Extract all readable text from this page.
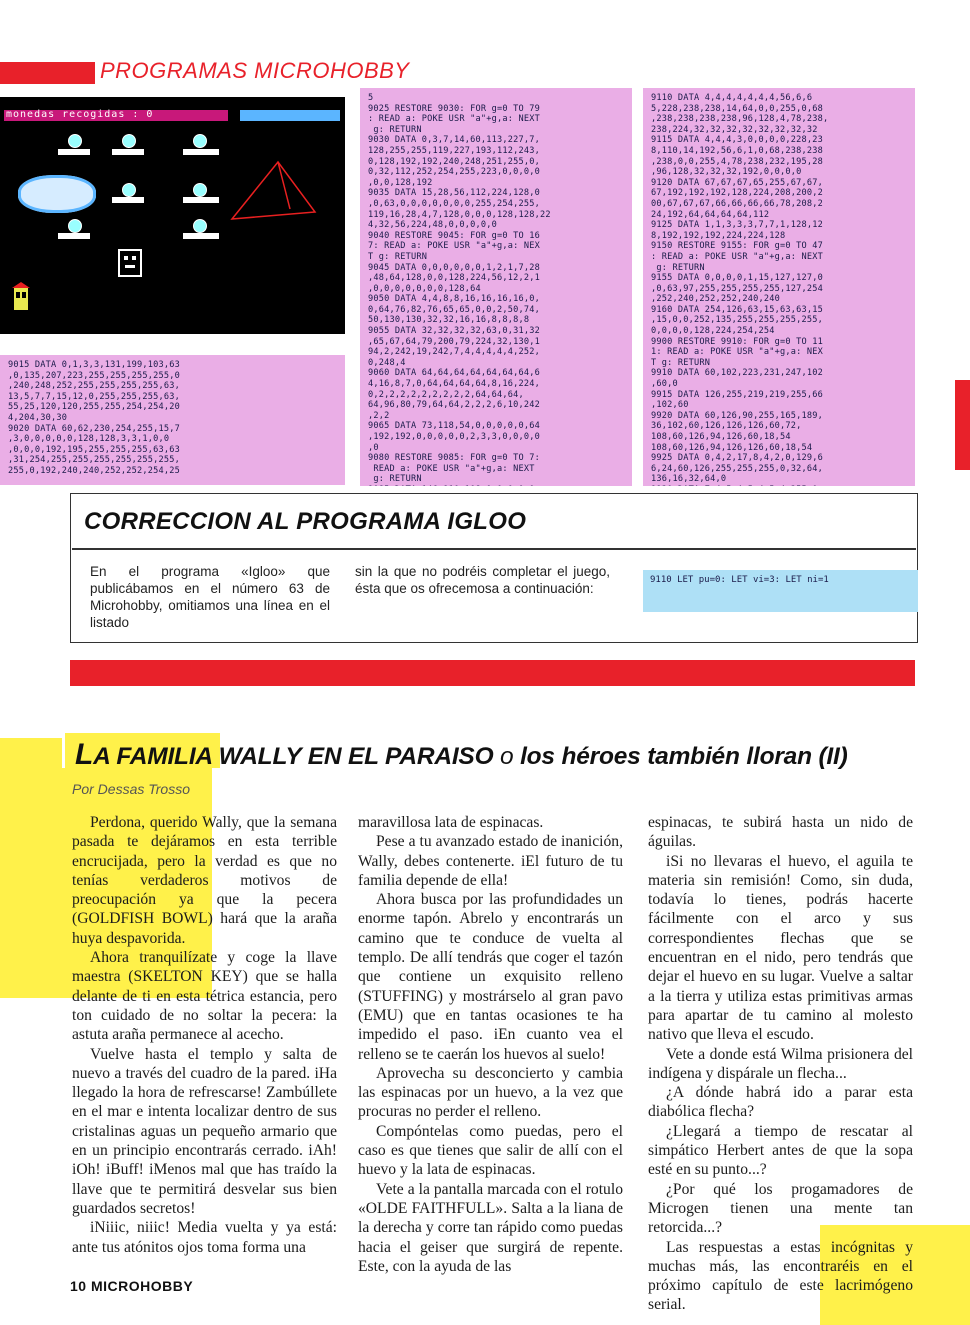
PROGRAMAS MICROHOBBY
monedas recogidas : 0
9015 DATA 0,1,3,3,131,199,103,63
,0,135,207,223,255,255,255,255,0
,240,248,252,255,255,255,255,63,
13,5,7,7,15,12,0,255,255,255,63,
55,25,120,120,255,255,254,254,20
4,204,30,30
9020 DATA 60,62,230,254,255,15,7
,3,0,0,0,0,0,128,128,3,3,1,0,0
,0,0,0,192,195,255,255,255,63,63
,31,254,255,255,255,255,255,255,
255,0,192,240,240,252,252,254,25
5
9025 RESTORE 9030: FOR g=0 TO 79
: READ a: POKE USR "a"+g,a: NEXT
g: RETURN
9030 DATA 0,3,7,14,60,113,227,7,
128,255,255,119,227,193,112,243,
0,128,192,192,240,248,251,255,0,
0,32,112,252,254,255,223,0,0,0,0
,0,0,128,192
9035 DATA 15,28,56,112,224,128,0
,0,63,0,0,0,0,0,0,0,255,254,255,
119,16,28,4,7,128,0,0,0,128,128,22
4,32,56,224,48,0,0,0,0,0
9040 RESTORE 9045: FOR g=0 TO 16
7: READ a: POKE USR "a"+g,a: NEX
T g: RETURN
9045 DATA 0,0,0,0,0,0,1,2,1,7,28
,48,64,128,0,0,128,224,56,12,2,1
,0,0,0,0,0,0,0,128,64
9050 DATA 4,4,8,8,16,16,16,16,0,
0,64,76,82,76,65,65,0,0,2,50,74,
50,130,130,32,32,16,16,8,8,8,8
9055 DATA 32,32,32,32,63,0,31,32
,65,67,64,79,200,79,224,32,130,1
94,2,242,19,242,7,4,4,4,4,4,252,
0,248,4
9060 DATA 64,64,64,64,64,64,64,6
4,16,8,7,0,64,64,64,64,8,16,224,
0,2,2,2,2,2,2,2,2,2,64,64,64,
64,96,80,79,64,64,2,2,2,6,10,242
,2,2
9065 DATA 73,118,54,0,0,0,0,0,64
,192,192,0,0,0,0,0,2,3,3,0,0,0,0
,0
9080 RESTORE 9085: FOR g=0 TO 7:
READ a: POKE USR "a"+g,a: NEXT
g: RETURN

9110 DATA 4,4,4,4,4,4,4,56,6,6
5,228,238,238,14,64,0,0,255,0,68
,238,238,238,238,96,128,4,78,238,
238,224,32,32,32,32,32,32,32,32
9115 DATA 4,4,4,3,0,0,0,0,228,23
8,110,14,192,56,6,1,0,68,238,238
,238,0,0,255,4,78,238,232,195,28
,96,128,32,32,32,192,0,0,0,0
9120 DATA 67,67,67,65,255,67,67,
67,192,192,192,128,224,208,200,2
00,67,67,67,66,66,66,66,78,208,2
24,192,64,64,64,64,112
9125 DATA 1,1,3,3,3,7,7,1,128,12
8,192,192,192,224,224,128
9150 RESTORE 9155: FOR g=0 TO 47
: READ a: POKE USR "a"+g,a: NEXT
g: RETURN
9155 DATA 0,0,0,0,1,15,127,127,0
,0,63,97,255,255,255,255,127,254
,252,240,252,252,240,240
9160 DATA 254,126,63,15,63,63,15
,15,0,0,252,135,255,255,255,255,
0,0,0,0,128,224,254,254
9900 RESTORE 9910: FOR g=0 TO 11
1: READ a: POKE USR "a"+g,a: NEX
T g: RETURN
9910 DATA 60,102,223,231,247,102
,60,0
9915 DATA 126,255,219,219,255,66
,102,60
9920 DATA 60,126,90,255,165,189,
36,102,60,126,126,126,60,72,
108,60,126,94,126,60,18,54
108,60,126,94,126,126,60,18,54
9925 DATA 0,4,2,17,8,4,2,0,129,6
6,24,60,126,255,255,255,0,32,64,
136,16,32,64,0

CORRECCION AL PROGRAMA IGLOO
En el programa «Igloo» que publicábamos en el número 63 de Microhobby, omitiamos una línea en el listado
sin la que no podréis completar el juego, ésta que os ofrecemosa a continuación:
9110 LET pu=0: LET vi=3: LET ni=1
LA FAMILIA WALLY EN EL PARAISO o los héroes también lloran (II)
Por Dessas Trosso

Perdona, querido Wally, que la semana pasada te dejáramos en esta terrible encrucijada, pero la verdad es que no tenías verdaderos motivos de preocupación ya que la pecera (GOLDFISH BOWL) hará que la araña huya despavorida.

Ahora tranquilízate y coge la llave maestra (SKELTON KEY) que se halla delante de ti en esta tétrica estancia, pero ton cuidado de no soltar la pecera: la astuta araña permanece al acecho.

Vuelve hasta el templo y salta de nuevo a través del cuadro de la pared. iHa llegado la hora de refrescarse! Zambúllete en el mar e intenta localizar dentro de sus cristalinas aguas un pequeño armario que en un principio encontrarás cerrado. iAh! iOh! iBuff! iMenos mal que has traído la llave que te permitirá desvelar sus bien guardados secretos!

iNiiic, niiic! Media vuelta y ya está: ante tus atónitos ojos toma forma una

maravillosa lata de espinacas.

Pese a tu avanzado estado de inanición, Wally, debes contenerte. iEl futuro de tu familia depende de ella!

Ahora busca por las profundidades un enorme tapón. Abrelo y encontrarás un camino que te conduce de vuelta al templo. De allí tendrás que coger el tazón que contiene un exquisito relleno (STUFFING) y mostrárselo al gran pavo (EMU) que en tantas ocasiones te ha impedido el paso. iEn cuanto vea el relleno se te caerán los huevos al suelo!

Aprovecha su desconcierto y cambia las espinacas por un huevo, a la vez que procuras no perder el relleno.

Compóntelas como puedas, pero el caso es que tienes que salir de allí con el huevo y la lata de espinacas.

Vete a la pantalla marcada con el rotulo «OLDE FAITHFULL». Salta a la liana de la derecha y corre tan rápido como puedas hacia el geiser que surgirá de repente. Este, con la ayuda de las

espinacas, te subirá hasta un nido de águilas.

iSi no llevaras el huevo, el aguila te materia sin remisión! Como, sin duda, todavía lo tienes, podrás hacerte fácilmente con el arco y sus correspondientes flechas que se encuentran en el nido, pero tendrás que dejar el huevo en su lugar. Vuelve a saltar a la tierra y utiliza estas primitivas armas para apartar de tu camino al molesto nativo que lleva el escudo.

Vete a donde está Wilma prisionera del indígena y dispárale un flecha...

¿A dónde habrá ido a parar esta diabólica flecha?

¿Llegará a tiempo de rescatar al simpático Herbert antes de que la sopa esté en su punto...?

¿Por qué los progamadores de Microgen tienen una mente tan retorcida...?

Las respuestas a estas incógnitas y muchas más, las encontraréis en el próximo capítulo de este lacrimógeno serial.

10 MICROHOBBY
